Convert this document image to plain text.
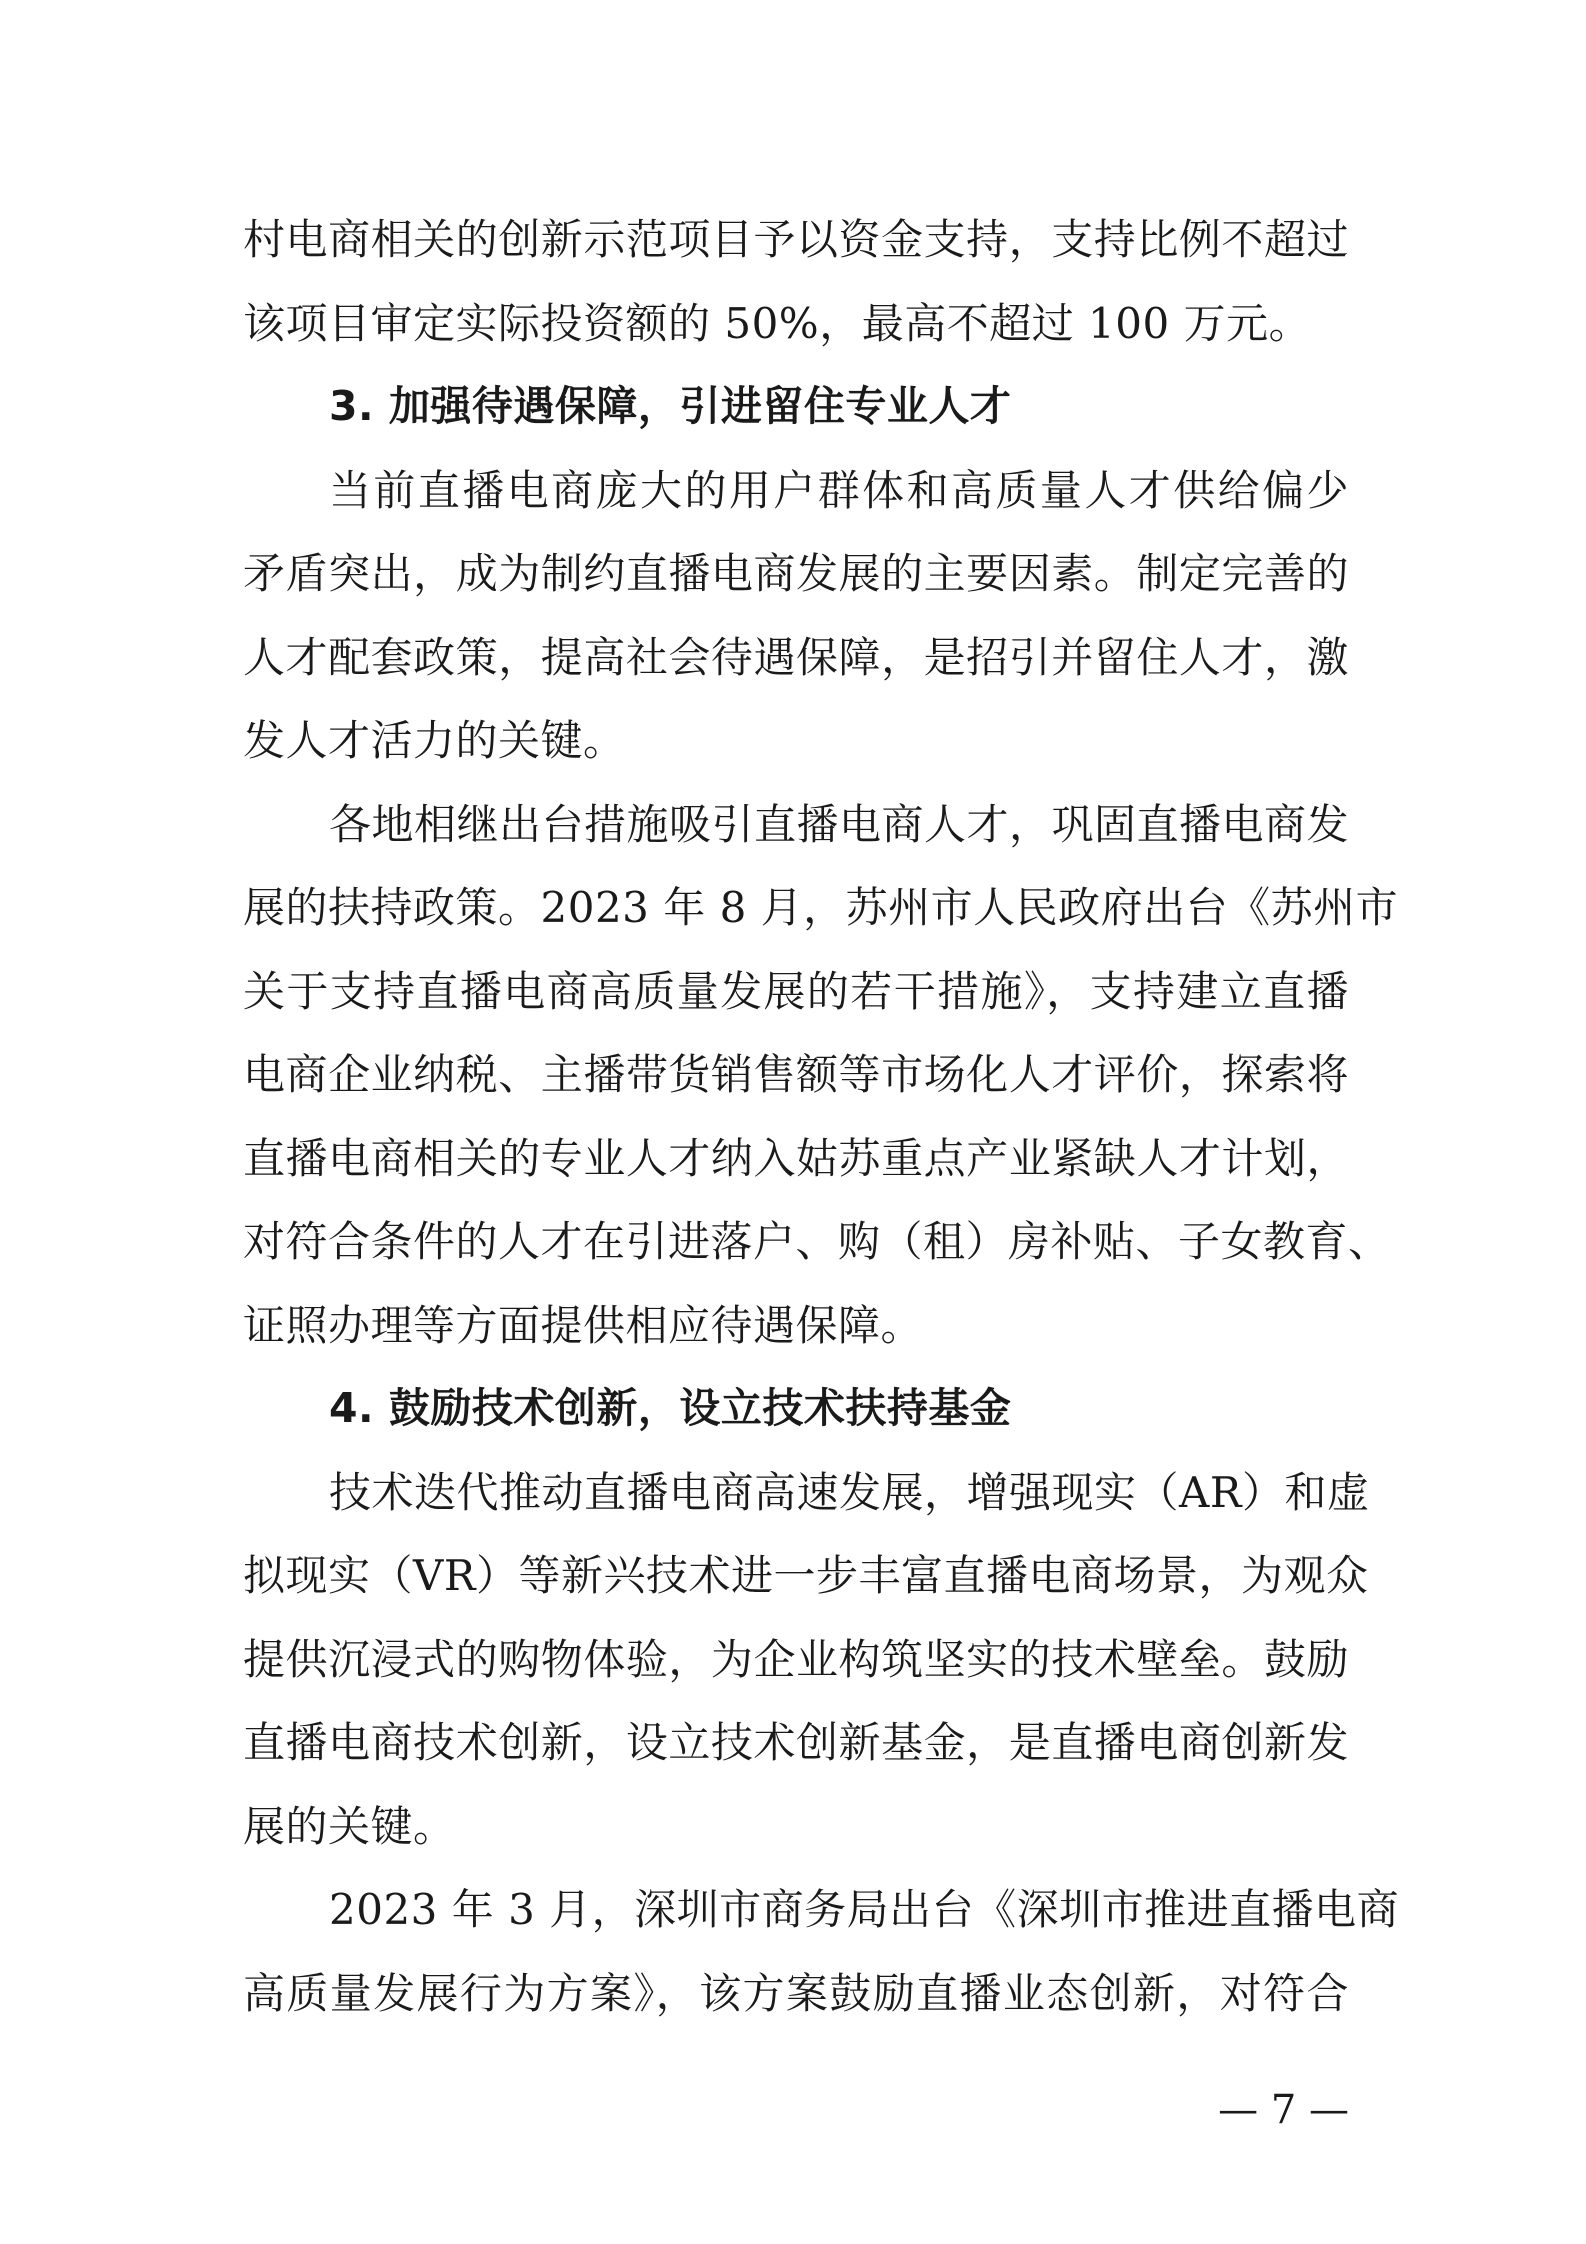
村电商相关的创新示范项目予以资金支持，支持比例不超过
该项目审定实际投资额的 50%，最高不超过 100 万元。
3. 加强待遇保障，引进留住专业人才
当前直播电商庞大的用户群体和高质量人才供给偏少
矛盾突出，成为制约直播电商发展的主要因素。制定完善的
人才配套政策，提高社会待遇保障，是招引并留住人才，激
发人才活力的关键。
各地相继出台措施吸引直播电商人才，巩固直播电商发
展的扶持政策。2023 年 8 月，苏州市人民政府出台《苏州市
关于支持直播电商高质量发展的若干措施》，支持建立直播
电商企业纳税、主播带货销售额等市场化人才评价，探索将
直播电商相关的专业人才纳入姑苏重点产业紧缺人才计划，
对符合条件的人才在引进落户、购（租）房补贴、子女教育、
证照办理等方面提供相应待遇保障。
4. 鼓励技术创新，设立技术扶持基金
技术迭代推动直播电商高速发展，增强现实（AR）和虚
拟现实（VR）等新兴技术进一步丰富直播电商场景，为观众
提供沉浸式的购物体验，为企业构筑坚实的技术壁垒。鼓励
直播电商技术创新，设立技术创新基金，是直播电商创新发
展的关键。
2023 年 3 月，深圳市商务局出台《深圳市推进直播电商
高质量发展行为方案》，该方案鼓励直播业态创新，对符合
— 7 —
